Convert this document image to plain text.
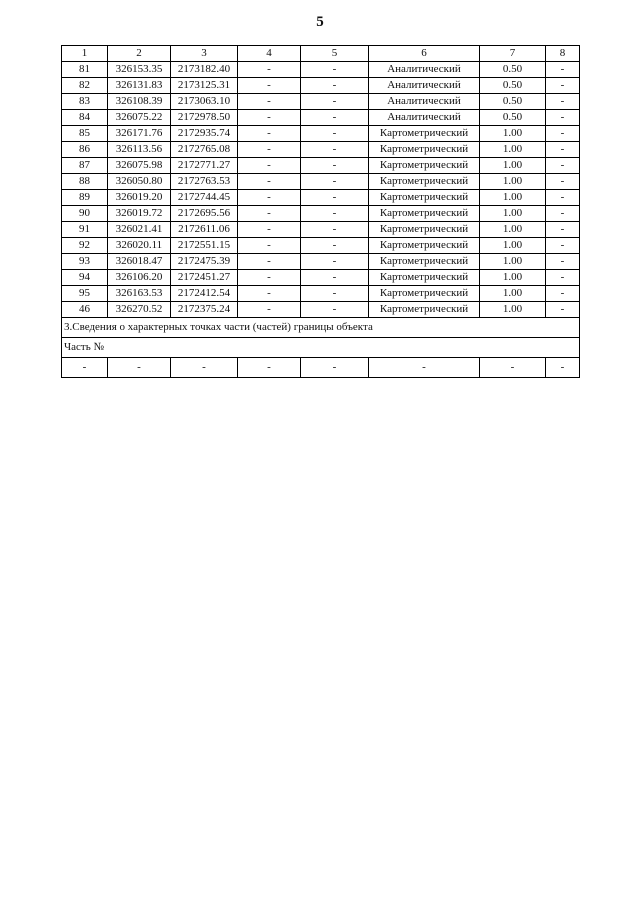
5
1	2	3	4	5	6	7	8
81	326153.35	2173182.40	-	-	Аналитический	0.50	-
82	326131.83	2173125.31	-	-	Аналитический	0.50	-
83	326108.39	2173063.10	-	-	Аналитический	0.50	-
84	326075.22	2172978.50	-	-	Аналитический	0.50	-
85	326171.76	2172935.74	-	-	Картометрический	1.00	-
86	326113.56	2172765.08	-	-	Картометрический	1.00	-
87	326075.98	2172771.27	-	-	Картометрический	1.00	-
88	326050.80	2172763.53	-	-	Картометрический	1.00	-
89	326019.20	2172744.45	-	-	Картометрический	1.00	-
90	326019.72	2172695.56	-	-	Картометрический	1.00	-
91	326021.41	2172611.06	-	-	Картометрический	1.00	-
92	326020.11	2172551.15	-	-	Картометрический	1.00	-
93	326018.47	2172475.39	-	-	Картометрический	1.00	-
94	326106.20	2172451.27	-	-	Картометрический	1.00	-
95	326163.53	2172412.54	-	-	Картометрический	1.00	-
46	326270.52	2172375.24	-	-	Картометрический	1.00	-
3.Сведения о характерных точках части (частей) границы объекта							
Часть №							
-	-	-	-	-	-	-	-
